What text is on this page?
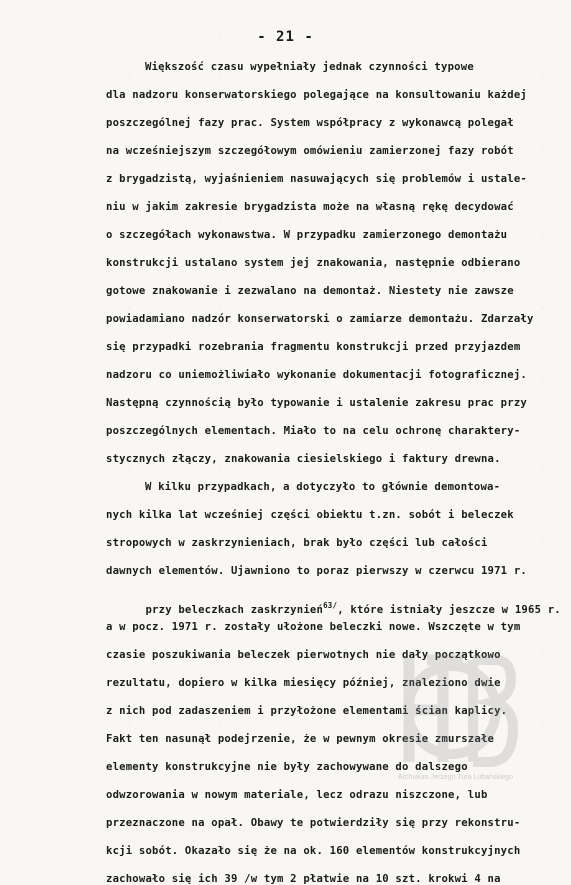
- 21 -
Większość czasu wypełniały jednak czynności typowe
dla nadzoru konserwatorskiego polegające na konsultowaniu każdej
poszczególnej fazy prac. System współpracy z wykonawcą polegał
na wcześniejszym szczegółowym omówieniu zamierzonej fazy robót
z brygadzistą, wyjaśnieniem nasuwających się problemów i ustale-
niu w jakim zakresie brygadzista może na własną rękę decydować
o szczegółach wykonawstwa. W przypadku zamierzonego demontażu
konstrukcji ustalano system jej znakowania, następnie odbierano
gotowe znakowanie i zezwalano na demontaż. Niestety nie zawsze
powiadamiano nadzór konserwatorski o zamiarze demontażu. Zdarzały
się przypadki rozebrania fragmentu konstrukcji przed przyjazdem
nadzoru co uniemożliwiało wykonanie dokumentacji fotograficznej.
Następną czynnością było typowanie i ustalenie zakresu prac przy
poszczególnych elementach. Miało to na celu ochronę charaktery-
stycznych złączy, znakowania ciesielskiego i faktury drewna.
W kilku przypadkach, a dotyczyło to głównie demontowa-
nych kilka lat wcześniej części obiektu t.zn. sobót i beleczek
stropowych w zaskrzynieniach, brak było części lub całości
dawnych elementów. Ujawniono to poraz pierwszy w czerwcu 1971 r.

przy beleczkach zaskrzynień$^{63/}$, które istniały jeszcze w 1965 r.

a w pocz. 1971 r. zostały ułożone beleczki nowe. Wszczęte w tym
czasie poszukiwania beleczek pierwotnych nie dały początkowo
rezultatu, dopiero w kilka miesięcy później, znaleziono dwie
z nich pod zadaszeniem i przyłożone elementami ścian kaplicy.
Fakt ten nasunął podejrzenie, że w pewnym okresie zmurszałe
elementy konstrukcyjne nie były zachowywane do dalszego
odwzorowania w nowym materiale, lecz odrazu niszczone, lub
przeznaczone na opał. Obawy te potwierdziły się przy rekonstru-
kcji sobót. Okazało się że na ok. 160 elementów konstrukcyjnych
zachowało się ich 39 /w tym 2 płatwie na 10 szt. krokwi 4 na
Archiwum Jerzego Tura Lubańskiego
